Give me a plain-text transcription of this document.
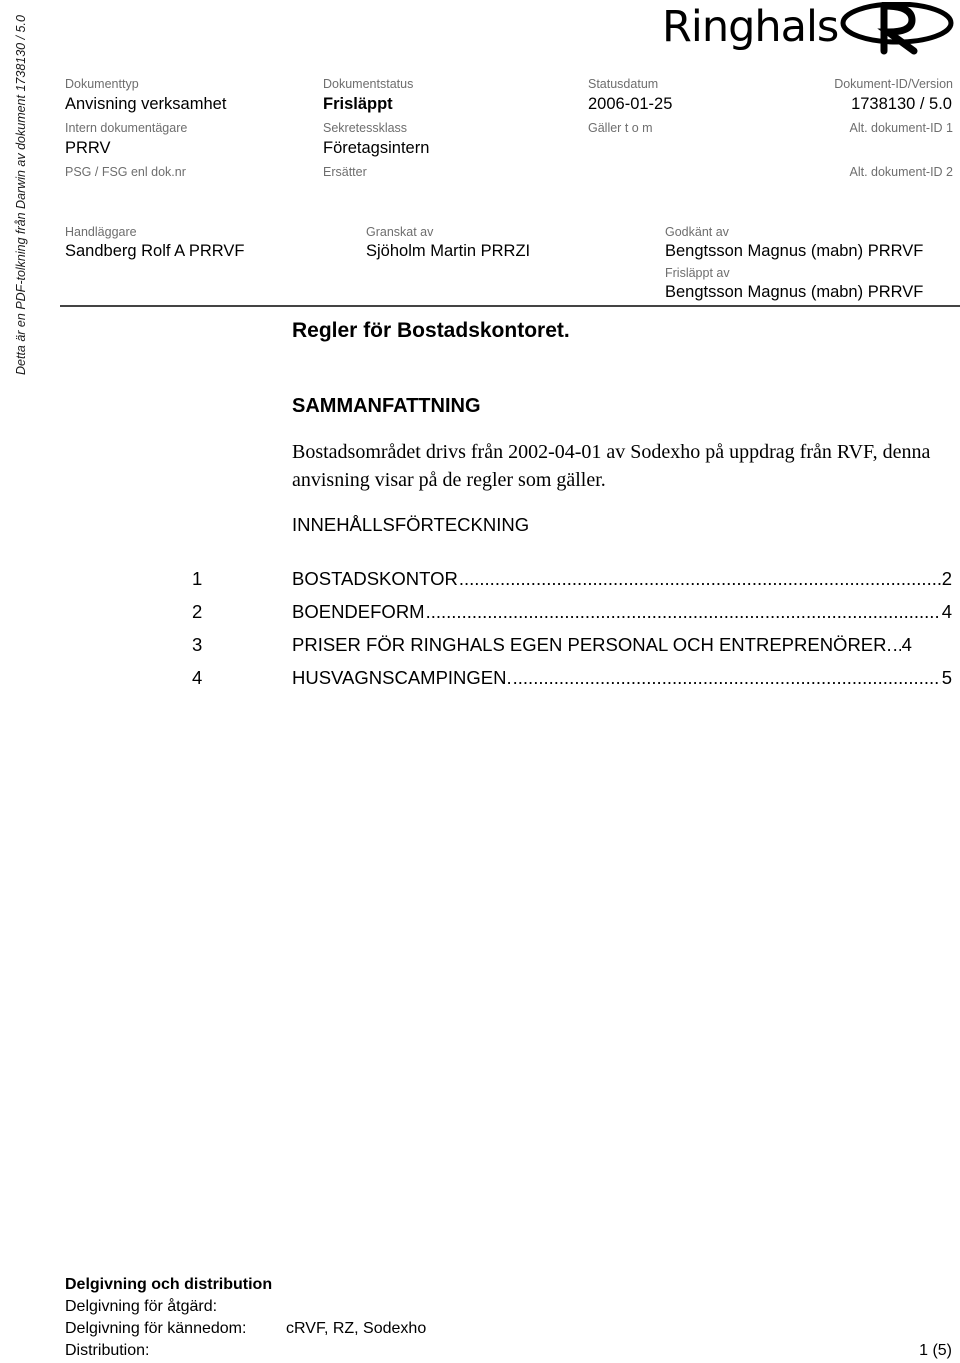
Detta är en PDF-tolkning från Darwin av dokument 1738130 / 5.0	Ringhals
Dokumenttyp	Dokumentstatus	Statusdatum	Dokument-ID/Version
Anvisning verksamhet	Frisläppt	2006-01-25	1738130 / 5.0
Intern dokumentägare	Sekretessklass	Gäller t o m	Alt. dokument-ID 1
PRRV	Företagsintern
PSG / FSG enl dok.nr	Ersätter	Alt. dokument-ID 2
Handläggare	Granskat av	Godkänt av
Sandberg Rolf A PRRVF	Sjöholm Martin PRRZI	Bengtsson Magnus (mabn) PRRVF
Frisläppt av
Bengtsson Magnus (mabn) PRRVF
Regler för Bostadskontoret.
SAMMANFATTNING
Bostadsområdet drivs från 2002-04-01 av Sodexho på uppdrag från RVF, denna anvisning visar på de regler som gäller.
INNEHÅLLSFÖRTECKNING
1	BOSTADSKONTOR .....	2
2	BOENDEFORM .....	4
3	PRISER FÖR RINGHALS EGEN PERSONAL OCH ENTREPRENÖRER. ..... 4
4	HUSVAGNSCAMPINGEN. .....	5
Delgivning och distribution
Delgivning för åtgärd:
Delgivning för kännedom: cRVF, RZ, Sodexho
Distribution:	1 (5)
